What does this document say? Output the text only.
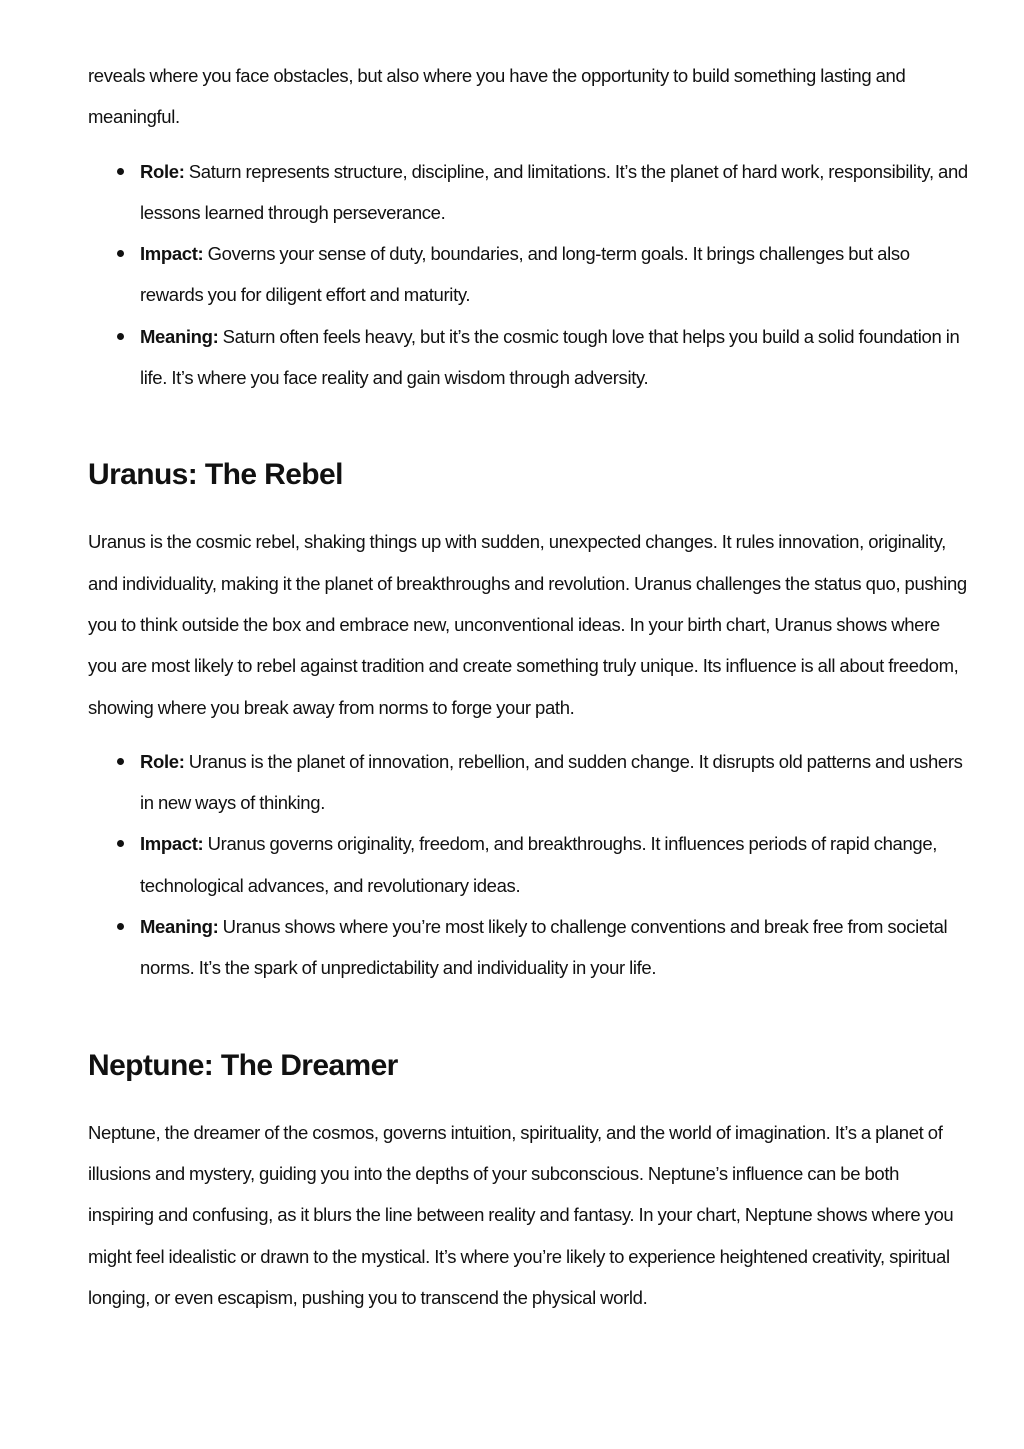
reveals where you face obstacles, but also where you have the opportunity to build something lasting and meaningful.

Role: Saturn represents structure, discipline, and limitations. It’s the planet of hard work, responsibility, and lessons learned through perseverance.
Impact: Governs your sense of duty, boundaries, and long-term goals. It brings challenges but also rewards you for diligent effort and maturity.
Meaning: Saturn often feels heavy, but it’s the cosmic tough love that helps you build a solid foundation in life. It’s where you face reality and gain wisdom through adversity.
Uranus: The Rebel

Uranus is the cosmic rebel, shaking things up with sudden, unexpected changes. It rules innovation, originality, and individuality, making it the planet of breakthroughs and revolution. Uranus challenges the status quo, pushing you to think outside the box and embrace new, unconventional ideas. In your birth chart, Uranus shows where you are most likely to rebel against tradition and create something truly unique. Its influence is all about freedom, showing where you break away from norms to forge your path.

Role: Uranus is the planet of innovation, rebellion, and sudden change. It disrupts old patterns and ushers in new ways of thinking.
Impact: Uranus governs originality, freedom, and breakthroughs. It influences periods of rapid change, technological advances, and revolutionary ideas.
Meaning: Uranus shows where you’re most likely to challenge conventions and break free from societal norms. It’s the spark of unpredictability and individuality in your life.
Neptune: The Dreamer

Neptune, the dreamer of the cosmos, governs intuition, spirituality, and the world of imagination. It’s a planet of illusions and mystery, guiding you into the depths of your subconscious. Neptune’s influence can be both inspiring and confusing, as it blurs the line between reality and fantasy. In your chart, Neptune shows where you might feel idealistic or drawn to the mystical. It’s where you’re likely to experience heightened creativity, spiritual longing, or even escapism, pushing you to transcend the physical world.
